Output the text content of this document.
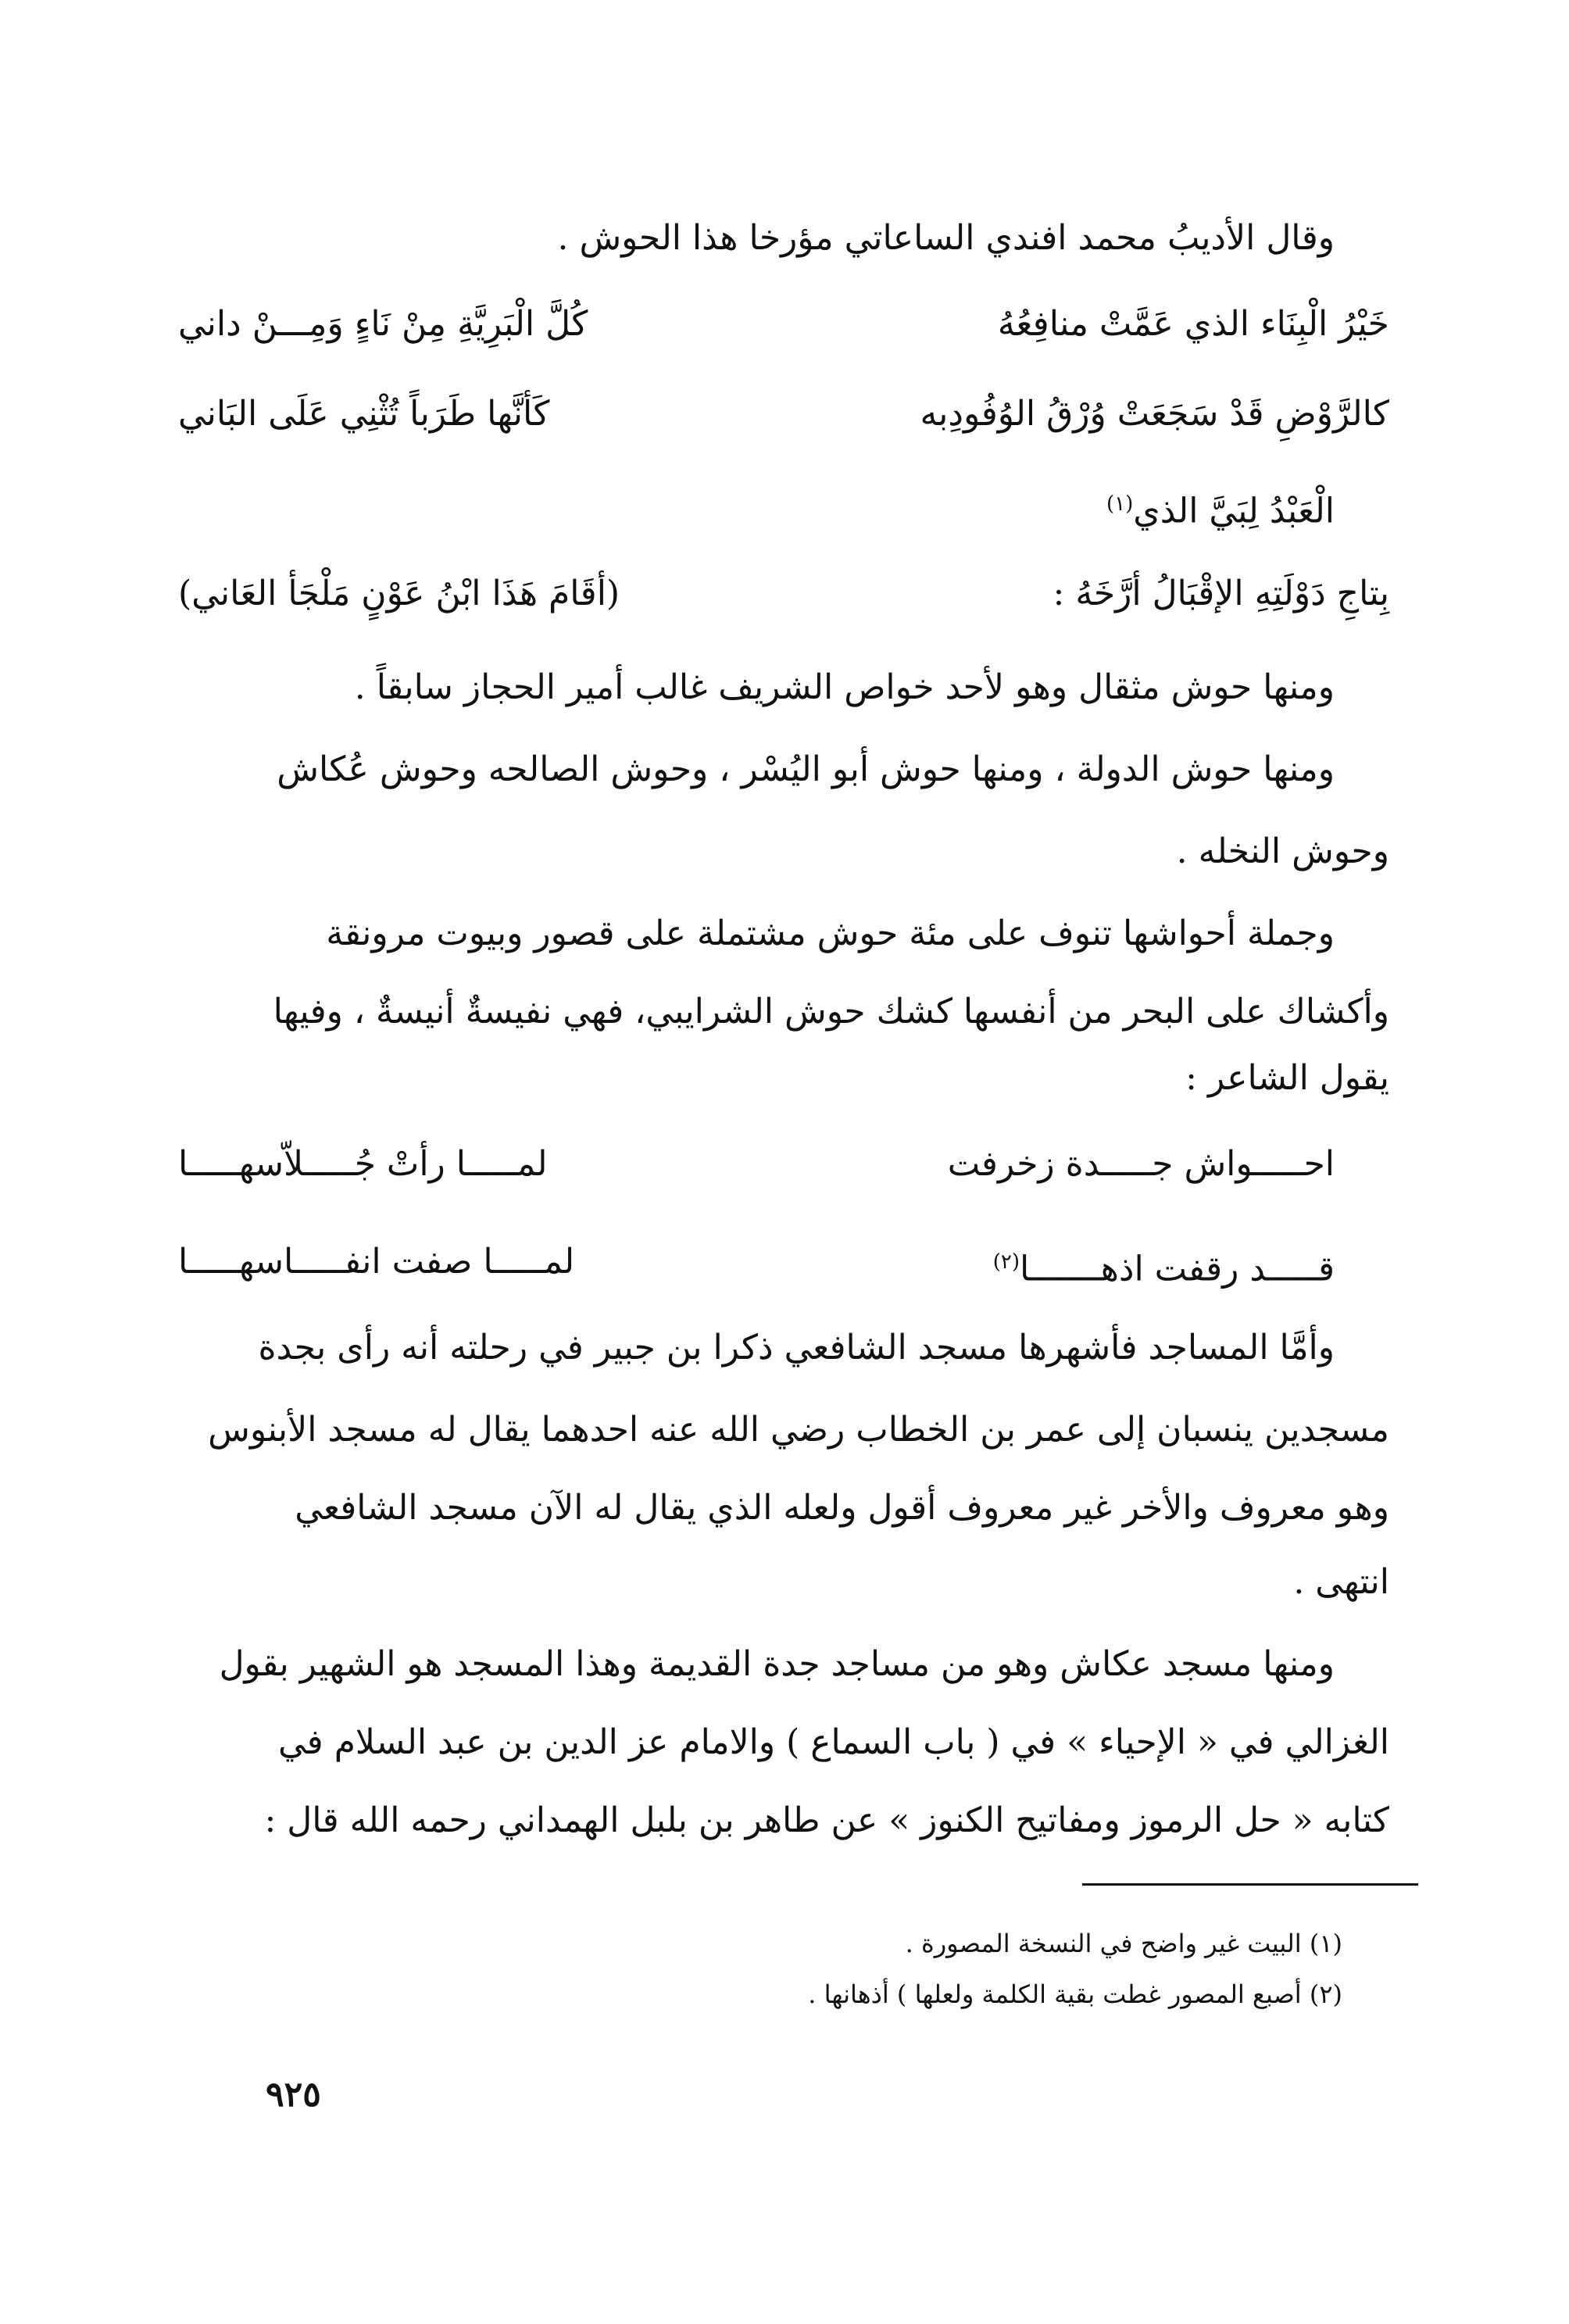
وقال الأديبُ محمد افندي الساعاتي مؤرخا هذا الحوش .
خَيْرُ الْبِنَاء الذي عَمَّتْ منافِعُهُ
كُلَّ الْبَرِيَّةِ مِنْ نَاءٍ وَمِـــنْ داني
كالرَّوْضِ قَدْ سَجَعَتْ وُرْقُ الوُفُودِبه
كَأنَّها طَرَباً تُثْنِي عَلَى البَاني
الْعَبْدُ لِبَيَّ الذي$^{(١)}$
بِتاجِ دَوْلَتِهِ الإقْبَالُ أرَّخَهُ :
(أقَامَ هَذَا ابْنُ عَوْنٍ مَلْجَأ العَاني)
ومنها حوش مثقال وهو لأحد خواص الشريف غالب أمير الحجاز سابقاً .
ومنها حوش الدولة ، ومنها حوش أبو اليُسْر ، وحوش الصالحه وحوش عُكاش
وحوش النخله .
وجملة أحواشها تنوف على مئة حوش مشتملة على قصور وبيوت مرونقة
وأكشاك على البحر من أنفسها كشك حوش الشرايبي، فهي نفيسةٌ أنيسةٌ ، وفيها
يقول الشاعر :
احـــــواش جـــــدة زخرفت
لمـــــا رأتْ جُـــــلاّسهـــــا
قـــــد رقفت اذهـــــــا$^{(٢)}$
لمـــــا صفت انفـــــاسهـــــا
وأمَّا المساجد فأشهرها مسجد الشافعي ذكرا بن جبير في رحلته أنه رأى بجدة
مسجدين ينسبان إلى عمر بن الخطاب رضي الله عنه احدهما يقال له مسجد الأبنوس
وهو معروف والأخر غير معروف أقول ولعله الذي يقال له الآن مسجد الشافعي
انتهى .
ومنها مسجد عكاش وهو من مساجد جدة القديمة وهذا المسجد هو الشهير بقول
الغزالي في « الإحياء » في ( باب السماع ) والامام عز الدين بن عبد السلام في
كتابه « حل الرموز ومفاتيح الكنوز » عن طاهر بن بلبل الهمداني رحمه الله قال :
(١) البيت غير واضح في النسخة المصورة .
(٢) أصبع المصور غطت بقية الكلمة ولعلها ) أذهانها .
٩٢٥
